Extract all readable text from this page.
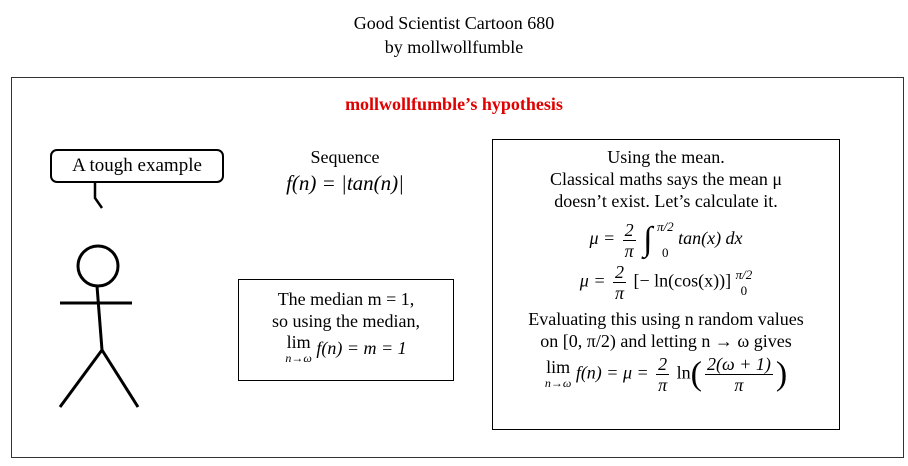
Good Scientist Cartoon 680
by mollwollfumble
mollwollfumble’s hypothesis
A tough example	Sequence
f(n) = |tan(n)|
The median m = 1,
so using the median,
lim
n→ω f(n) = m = 1
Using the mean.
Classical maths says the mean μ
doesn’t exist. Let’s calculate it.
$\mu = \frac{2}{\pi}$ ∫ π/2
0
tan(x) dx
$\mu = \frac{2}{\pi}$ [− ln(cos(x))] π/2
0
Evaluating this using n random values
on [0, π/2) and letting n → ω gives
lim
n→ω $f(n) = \mu = \frac{2}{\pi} \ln( \frac{2(\omega + 1)}{\pi}$ )
